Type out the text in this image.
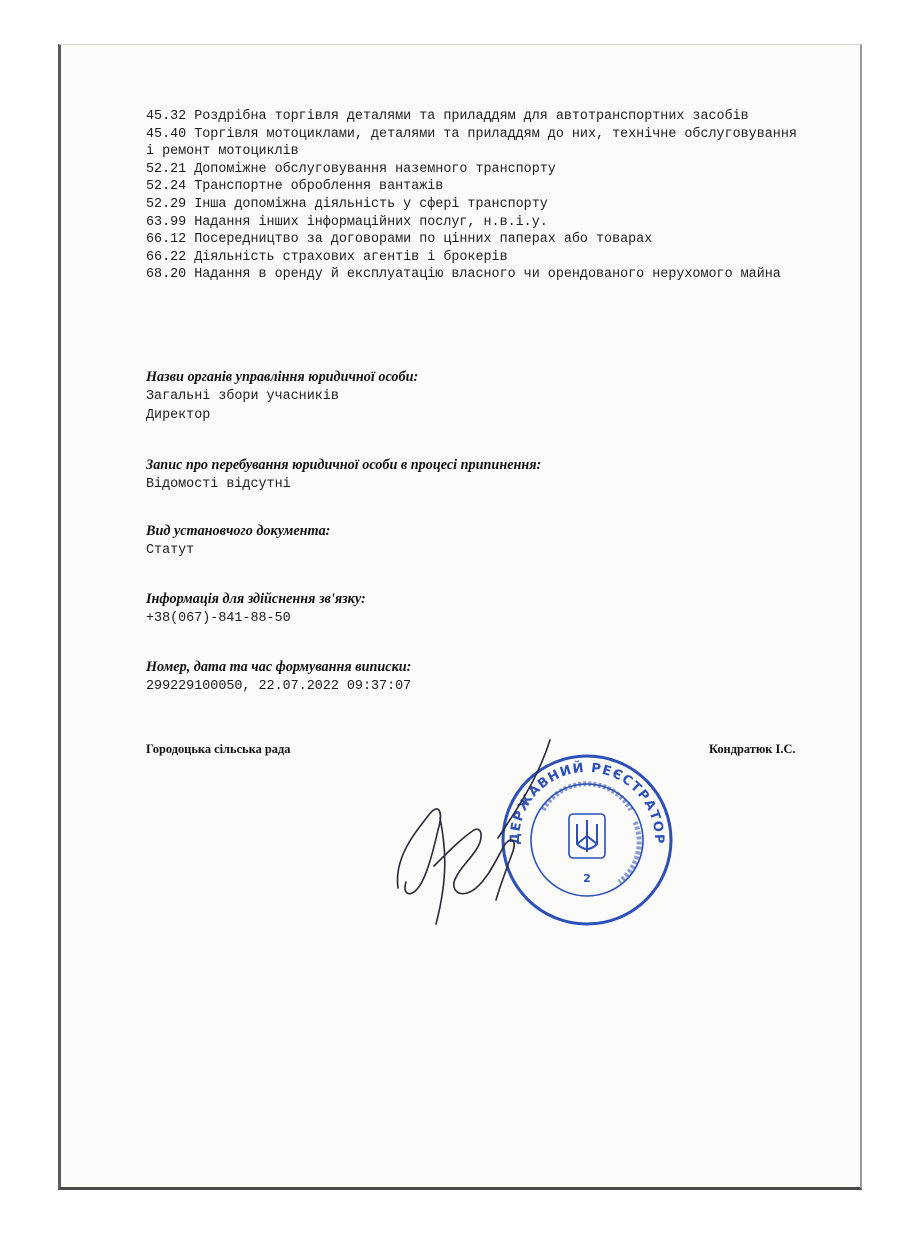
45.32 Роздрібна торгівля деталями та приладдям для автотранспортних засобів

45.40 Торгівля мотоциклами, деталями та приладдям до них, технічне обслуговування і ремонт мотоциклів

52.21 Допоміжне обслуговування наземного транспорту

52.24 Транспортне оброблення вантажів

52.29 Інша допоміжна діяльність у сфері транспорту

63.99 Надання інших інформаційних послуг, н.в.і.у.

66.12 Посередництво за договорами по цінних паперах або товарах

66.22 Діяльність страхових агентів і брокерів

68.20 Надання в оренду й експлуатацію власного чи орендованого нерухомого майна

Назви органів управління юридичної особи:
Загальні збори учасників
Директор
Запис про перебування юридичної особи в процесі припинення:
Відомості відсутні
Вид установчого документа:
Статут
Інформація для здійснення зв'язку:
+38(067)-841-88-50
Номер, дата та час формування виписки:
299229100050, 22.07.2022 09:37:07
Городоцька сільська рада	Кондратюк І.С.
ДЕРЖАВНИЙ РЕЄСТРАТОР
2
